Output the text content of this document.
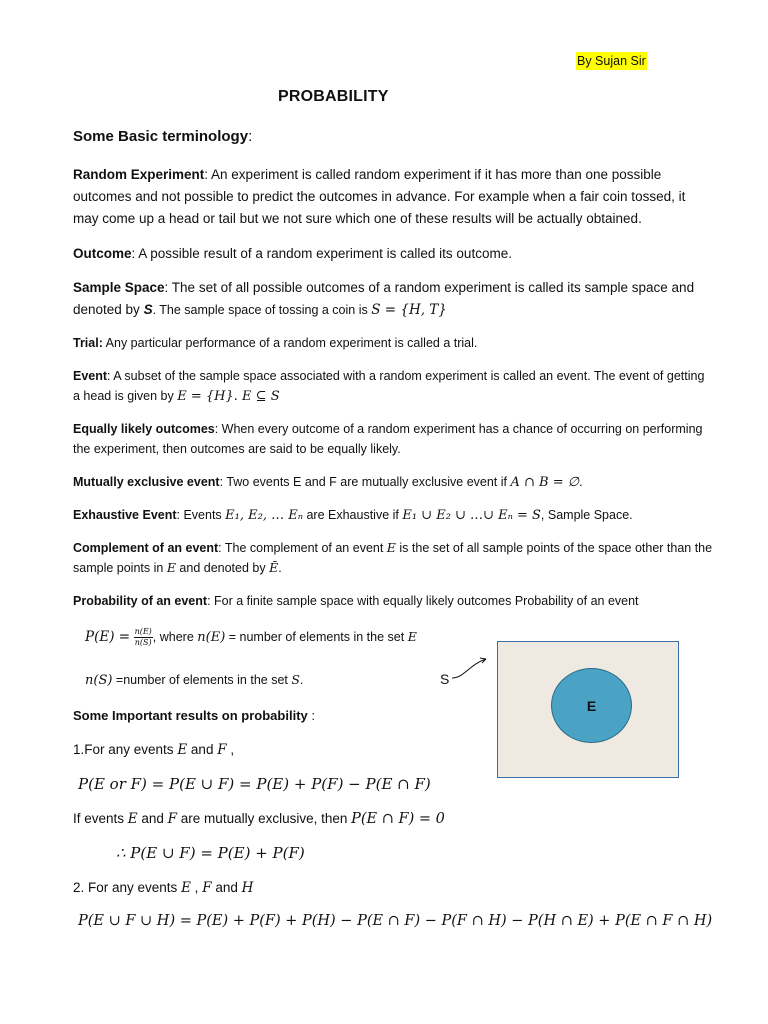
By Sujan Sir
PROBABILITY
Some Basic terminology:
Random Experiment: An experiment is called random experiment if it has more than one possible outcomes and not possible to predict the outcomes in advance. For example when a fair coin tossed, it may come up a head or tail but we not sure which one of these results will be actually obtained.
Outcome: A possible result of a random experiment is called its outcome.
Sample Space: The set of all possible outcomes of a random experiment is called its sample space and denoted by S. The sample space of tossing a coin is S = {H, T}
Trial: Any particular performance of a random experiment is called a trial.
Event: A subset of the sample space associated with a random experiment is called an event. The event of getting a head is given by E = {H}. E ⊆ S
Equally likely outcomes: When every outcome of a random experiment has a chance of occurring on performing the experiment, then outcomes are said to be equally likely.
Mutually exclusive event: Two events E and F are mutually exclusive event if A ∩ B = ∅.
Exhaustive Event: Events E₁, E₂, … Eₙ are Exhaustive if E₁ ∪ E₂ ∪ …∪ Eₙ = S, Sample Space.
Complement of an event: The complement of an event E is the set of all sample points of the space other than the sample points in E and denoted by Ē.
Probability of an event: For a finite sample space with equally likely outcomes Probability of an event
$P(E) = \frac{n(E)}{n(S)}$ , where n(E) = number of elements in the set E
n(S) =number of elements in the set S.	S
E
Some Important results on probability :
1.For any events E and F ,
P(E or F) = P(E ∪ F) = P(E) + P(F) − P(E ∩ F)
If events E and F are mutually exclusive, then P(E ∩ F) = 0
∴ P(E ∪ F) = P(E) + P(F)
2. For any events E , F and H
P(E ∪ F ∪ H) = P(E) + P(F) + P(H) − P(E ∩ F) − P(F ∩ H) − P(H ∩ E) + P(E ∩ F ∩ H)
